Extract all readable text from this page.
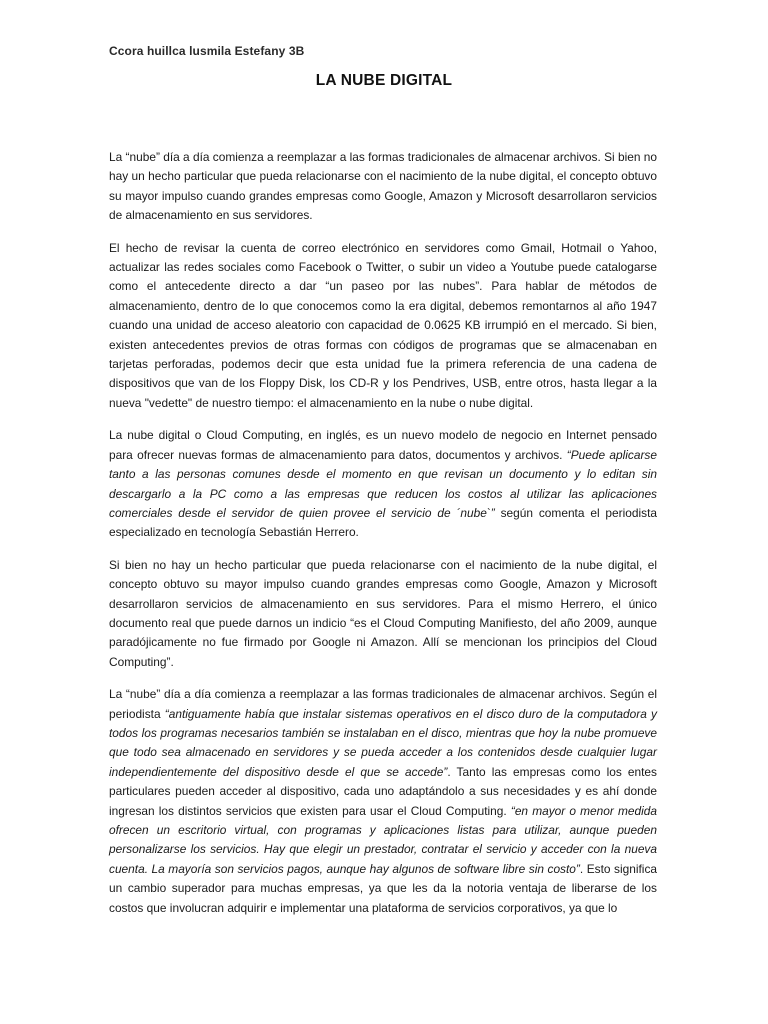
Ccora huillca lusmila Estefany 3B
LA NUBE DIGITAL

La “nube” día a día comienza a reemplazar a las formas tradicionales de almacenar archivos. Si bien no hay un hecho particular que pueda relacionarse con el nacimiento de la nube digital, el concepto obtuvo su mayor impulso cuando grandes empresas como Google, Amazon y Microsoft desarrollaron servicios de almacenamiento en sus servidores.

El hecho de revisar la cuenta de correo electrónico en servidores como Gmail, Hotmail o Yahoo, actualizar las redes sociales como Facebook o Twitter, o subir un video a Youtube puede catalogarse como el antecedente directo a dar “un paseo por las nubes”. Para hablar de métodos de almacenamiento, dentro de lo que conocemos como la era digital, debemos remontarnos al año 1947 cuando una unidad de acceso aleatorio con capacidad de 0.0625 KB irrumpió en el mercado. Si bien, existen antecedentes previos de otras formas con códigos de programas que se almacenaban en tarjetas perforadas, podemos decir que esta unidad fue la primera referencia de una cadena de dispositivos que van de los Floppy Disk, los CD-R y los Pendrives, USB, entre otros, hasta llegar a la nueva "vedette" de nuestro tiempo: el almacenamiento en la nube o nube digital.

La nube digital o Cloud Computing, en inglés, es un nuevo modelo de negocio en Internet pensado para ofrecer nuevas formas de almacenamiento para datos, documentos y archivos. “Puede aplicarse tanto a las personas comunes desde el momento en que revisan un documento y lo editan sin descargarlo a la PC como a las empresas que reducen los costos al utilizar las aplicaciones comerciales desde el servidor de quien provee el servicio de ´nube`” según comenta el periodista especializado en tecnología Sebastián Herrero.

Si bien no hay un hecho particular que pueda relacionarse con el nacimiento de la nube digital, el concepto obtuvo su mayor impulso cuando grandes empresas como Google, Amazon y Microsoft desarrollaron servicios de almacenamiento en sus servidores. Para el mismo Herrero, el único documento real que puede darnos un indicio “es el Cloud Computing Manifiesto, del año 2009, aunque paradójicamente no fue firmado por Google ni Amazon. Allí se mencionan los principios del Cloud Computing”.

La “nube” día a día comienza a reemplazar a las formas tradicionales de almacenar archivos. Según el periodista “antiguamente había que instalar sistemas operativos en el disco duro de la computadora y todos los programas necesarios también se instalaban en el disco, mientras que hoy la nube promueve que todo sea almacenado en servidores y se pueda acceder a los contenidos desde cualquier lugar independientemente del dispositivo desde el que se accede”. Tanto las empresas como los entes particulares pueden acceder al dispositivo, cada uno adaptándolo a sus necesidades y es ahí donde ingresan los distintos servicios que existen para usar el Cloud Computing. “en mayor o menor medida ofrecen un escritorio virtual, con programas y aplicaciones listas para utilizar, aunque pueden personalizarse los servicios. Hay que elegir un prestador, contratar el servicio y acceder con la nueva cuenta. La mayoría son servicios pagos, aunque hay algunos de software libre sin costo”. Esto significa un cambio superador para muchas empresas, ya que les da la notoria ventaja de liberarse de los costos que involucran adquirir e implementar una plataforma de servicios corporativos, ya que lo
